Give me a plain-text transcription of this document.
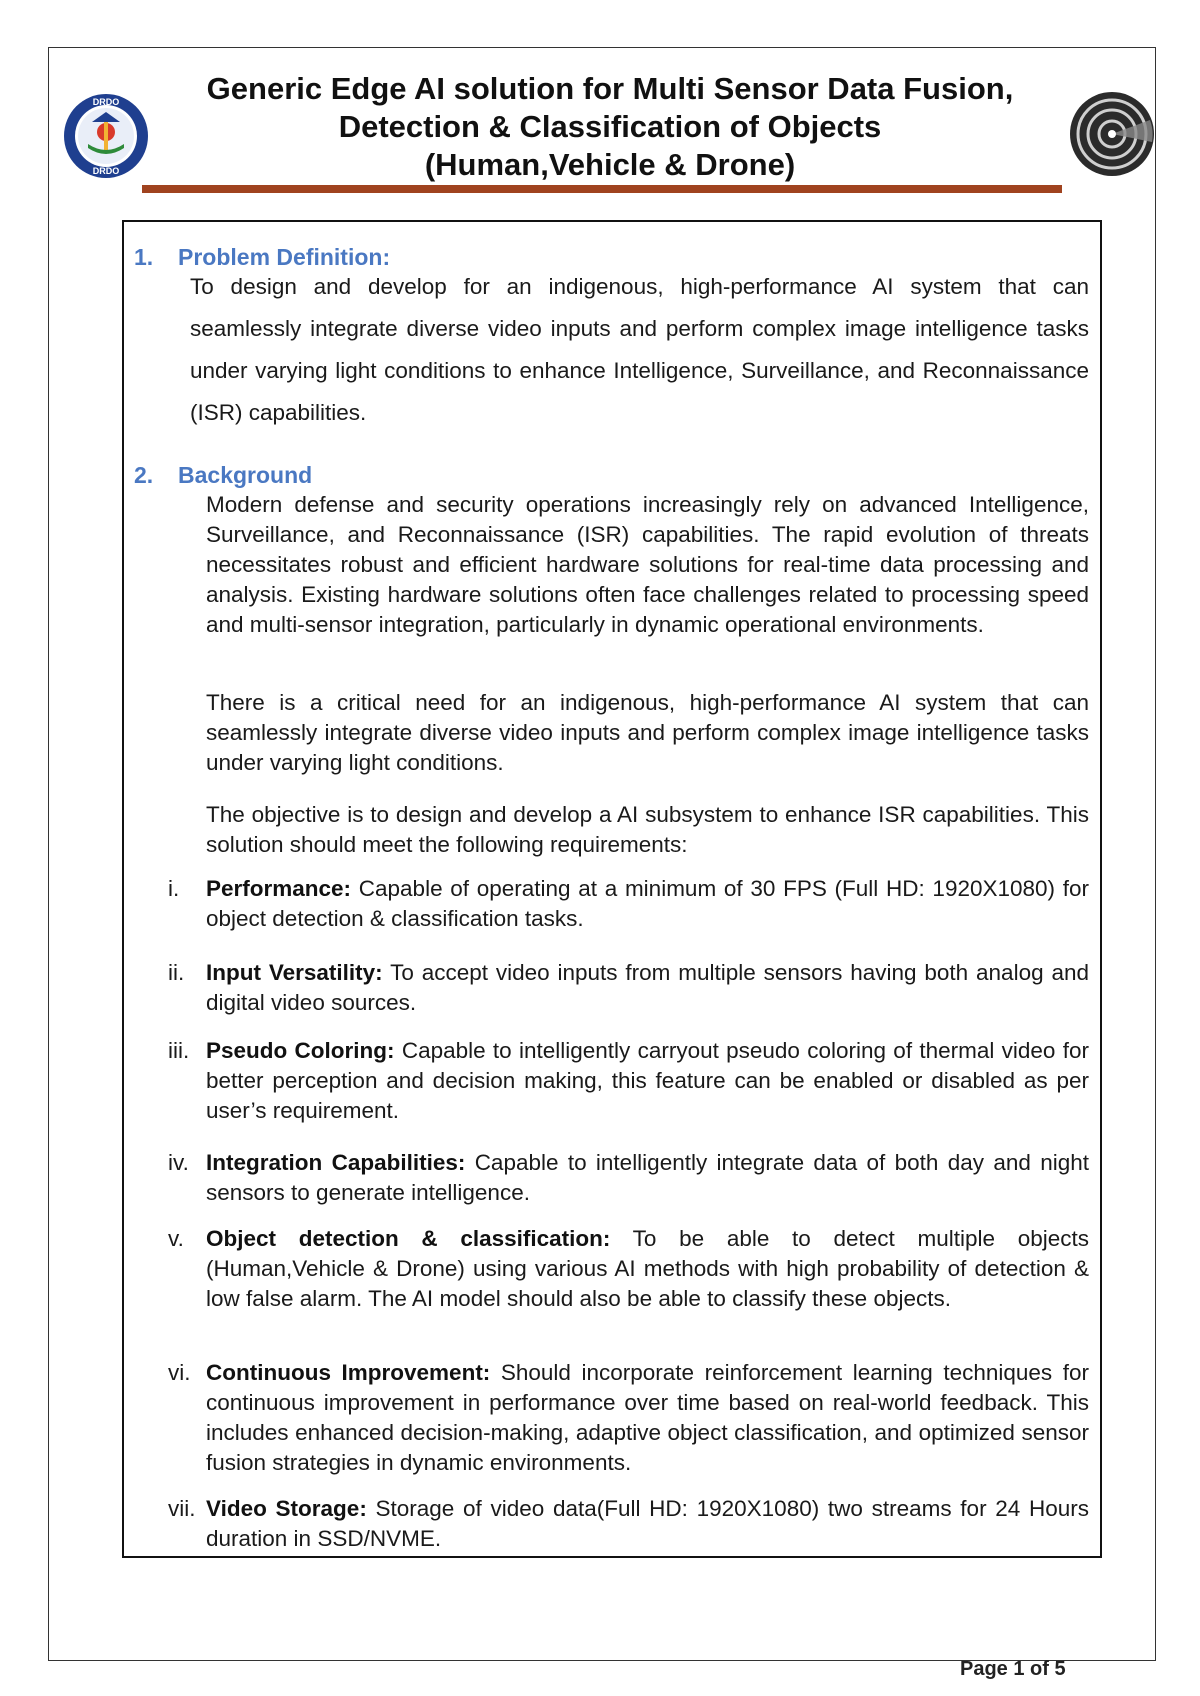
DRDO
DRDO
Generic Edge AI solution for Multi Sensor Data Fusion,
Detection & Classification of Objects
(Human,Vehicle & Drone)
1. Problem Definition:

To design and develop for an indigenous, high-performance AI system that can seamlessly integrate diverse video inputs and perform complex image intelligence tasks under varying light conditions to enhance Intelligence, Surveillance, and Reconnaissance (ISR) capabilities.

2. Background

Modern defense and security operations increasingly rely on advanced Intelligence, Surveillance, and Reconnaissance (ISR) capabilities. The rapid evolution of threats necessitates robust and efficient hardware solutions for real-time data processing and analysis. Existing hardware solutions often face challenges related to processing speed and multi-sensor integration, particularly in dynamic operational environments.

There is a critical need for an indigenous, high-performance AI system that can seamlessly integrate diverse video inputs and perform complex image intelligence tasks under varying light conditions.

The objective is to design and develop a AI subsystem to enhance ISR capabilities. This solution should meet the following requirements:

i.	Performance: Capable of operating at a minimum of 30 FPS (Full HD: 1920X1080) for object detection & classification tasks.
ii. Input Versatility: To accept video inputs from multiple sensors having both analog and digital video sources.
iii. Pseudo Coloring: Capable to intelligently carryout pseudo coloring of thermal video for better perception and decision making, this feature can be enabled or disabled as per user’s requirement.
iv. Integration Capabilities: Capable to intelligently integrate data of both day and night sensors to generate intelligence.
v. Object detection & classification: To be able to detect multiple objects (Human,Vehicle & Drone) using various AI methods with high probability of detection & low false alarm. The AI model should also be able to classify these objects.
vi. Continuous Improvement: Should incorporate reinforcement learning techniques for continuous improvement in performance over time based on real-world feedback. This includes enhanced decision-making, adaptive object classification, and optimized sensor fusion strategies in dynamic environments.
vii. Video Storage: Storage of video data(Full HD: 1920X1080) two streams for 24 Hours duration in SSD/NVME.
Page 1 of 5
